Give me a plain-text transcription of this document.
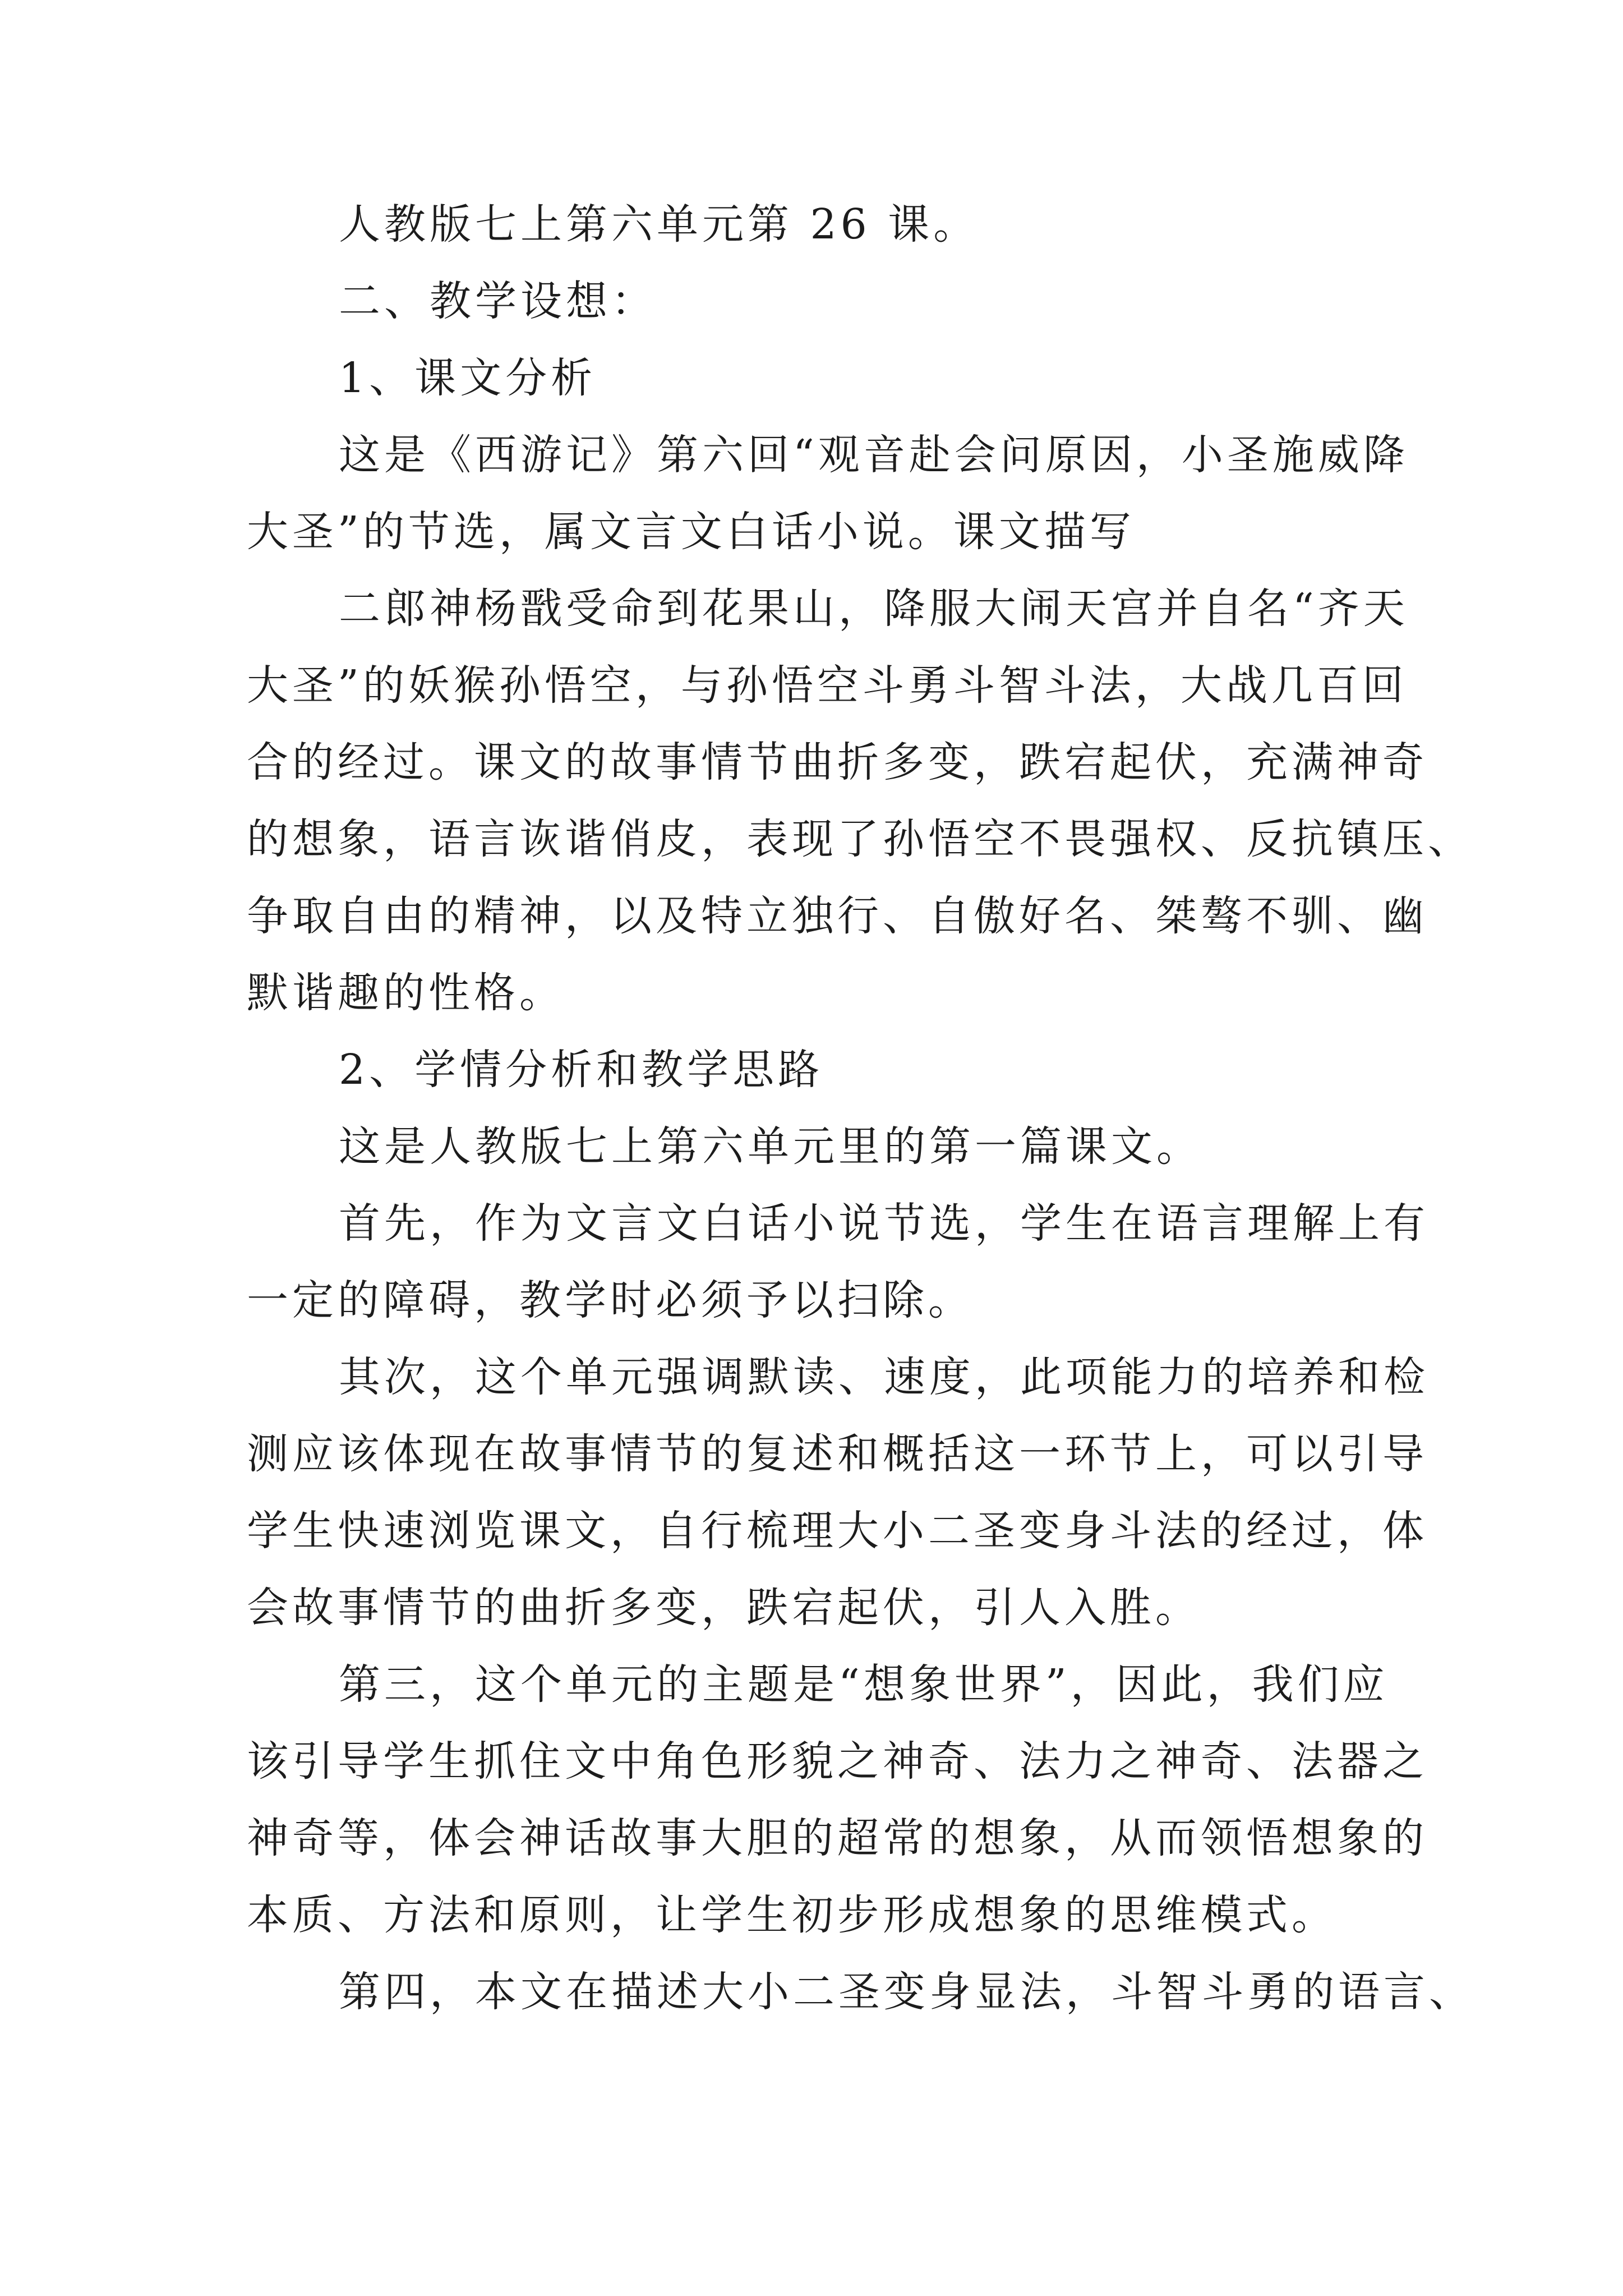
人教版七上第六单元第 26 课。
二、教学设想：
1、课文分析
这是《西游记》第六回“观音赴会问原因，小圣施威降
大圣”的节选，属文言文白话小说。课文描写
二郎神杨戬受命到花果山，降服大闹天宫并自名“齐天
大圣”的妖猴孙悟空，与孙悟空斗勇斗智斗法，大战几百回
合的经过。课文的故事情节曲折多变，跌宕起伏，充满神奇
的想象，语言诙谐俏皮，表现了孙悟空不畏强权、反抗镇压、
争取自由的精神，以及特立独行、自傲好名、桀骜不驯、幽
默谐趣的性格。
2、学情分析和教学思路
这是人教版七上第六单元里的第一篇课文。
首先，作为文言文白话小说节选，学生在语言理解上有
一定的障碍，教学时必须予以扫除。
其次，这个单元强调默读、速度，此项能力的培养和检
测应该体现在故事情节的复述和概括这一环节上，可以引导
学生快速浏览课文，自行梳理大小二圣变身斗法的经过，体
会故事情节的曲折多变，跌宕起伏，引人入胜。
第三，这个单元的主题是“想象世界”，因此，我们应
该引导学生抓住文中角色形貌之神奇、法力之神奇、法器之
神奇等，体会神话故事大胆的超常的想象，从而领悟想象的
本质、方法和原则，让学生初步形成想象的思维模式。
第四，本文在描述大小二圣变身显法，斗智斗勇的语言、
